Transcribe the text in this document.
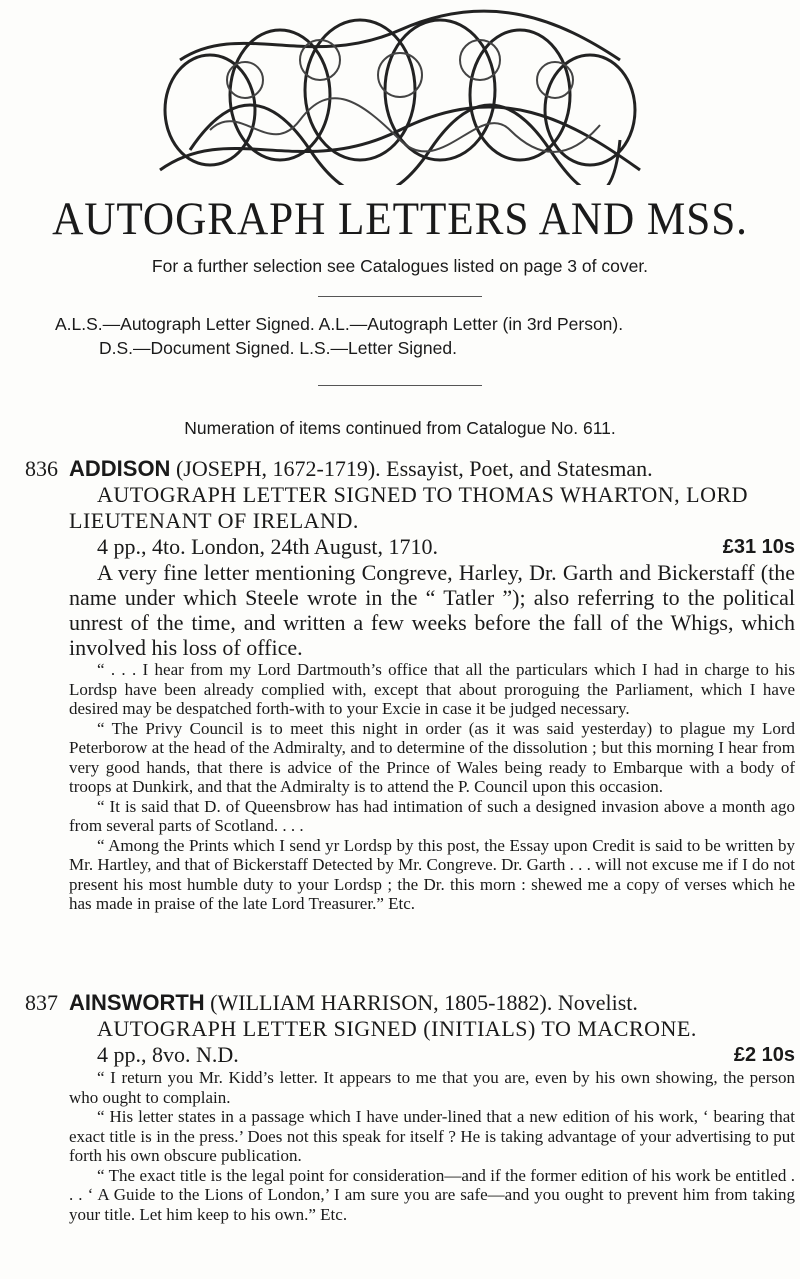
AUTOGRAPH LETTERS AND MSS.
For a further selection see Catalogues listed on page 3 of cover.
A.L.S.—Autograph Letter Signed. A.L.—Autograph Letter (in 3rd Person).
D.S.—Document Signed. L.S.—Letter Signed.
Numeration of items continued from Catalogue No. 611.
836 ADDISON (JOSEPH, 1672-1719). Essayist, Poet, and Statesman.
AUTOGRAPH LETTER SIGNED TO THOMAS WHARTON, LORD LIEUTENANT OF IRELAND.
4 pp., 4to. London, 24th August, 1710.	£31 10s

A very fine letter mentioning Congreve, Harley, Dr. Garth and Bickerstaff (the name under which Steele wrote in the “ Tatler ”); also referring to the political unrest of the time, and written a few weeks before the fall of the Whigs, which involved his loss of office.

“ . . . I hear from my Lord Dartmouth’s office that all the particulars which I had in charge to his Lordsp have been already complied with, except that about proroguing the Parliament, which I have desired may be despatched forth-with to your Excie in case it be judged necessary.

“ The Privy Council is to meet this night in order (as it was said yesterday) to plague my Lord Peterborow at the head of the Admiralty, and to determine of the dissolution ; but this morning I hear from very good hands, that there is advice of the Prince of Wales being ready to Embarque with a body of troops at Dunkirk, and that the Admiralty is to attend the P. Council upon this occasion.

“ It is said that D. of Queensbrow has had intimation of such a designed invasion above a month ago from several parts of Scotland. . . .

“ Among the Prints which I send yr Lordsp by this post, the Essay upon Credit is said to be written by Mr. Hartley, and that of Bickerstaff Detected by Mr. Congreve. Dr. Garth . . . will not excuse me if I do not present his most humble duty to your Lordsp ; the Dr. this morn : shewed me a copy of verses which he has made in praise of the late Lord Treasurer.” Etc.

837 AINSWORTH (WILLIAM HARRISON, 1805-1882). Novelist.
AUTOGRAPH LETTER SIGNED (INITIALS) TO MACRONE.
4 pp., 8vo. N.D.	£2 10s

“ I return you Mr. Kidd’s letter. It appears to me that you are, even by his own showing, the person who ought to complain.

“ His letter states in a passage which I have under-lined that a new edition of his work, ‘ bearing that exact title is in the press.’ Does not this speak for itself ? He is taking advantage of your advertising to put forth his own obscure publication.

“ The exact title is the legal point for consideration—and if the former edition of his work be entitled . . . ‘ A Guide to the Lions of London,’ I am sure you are safe—and you ought to prevent him from taking your title. Let him keep to his own.” Etc.
